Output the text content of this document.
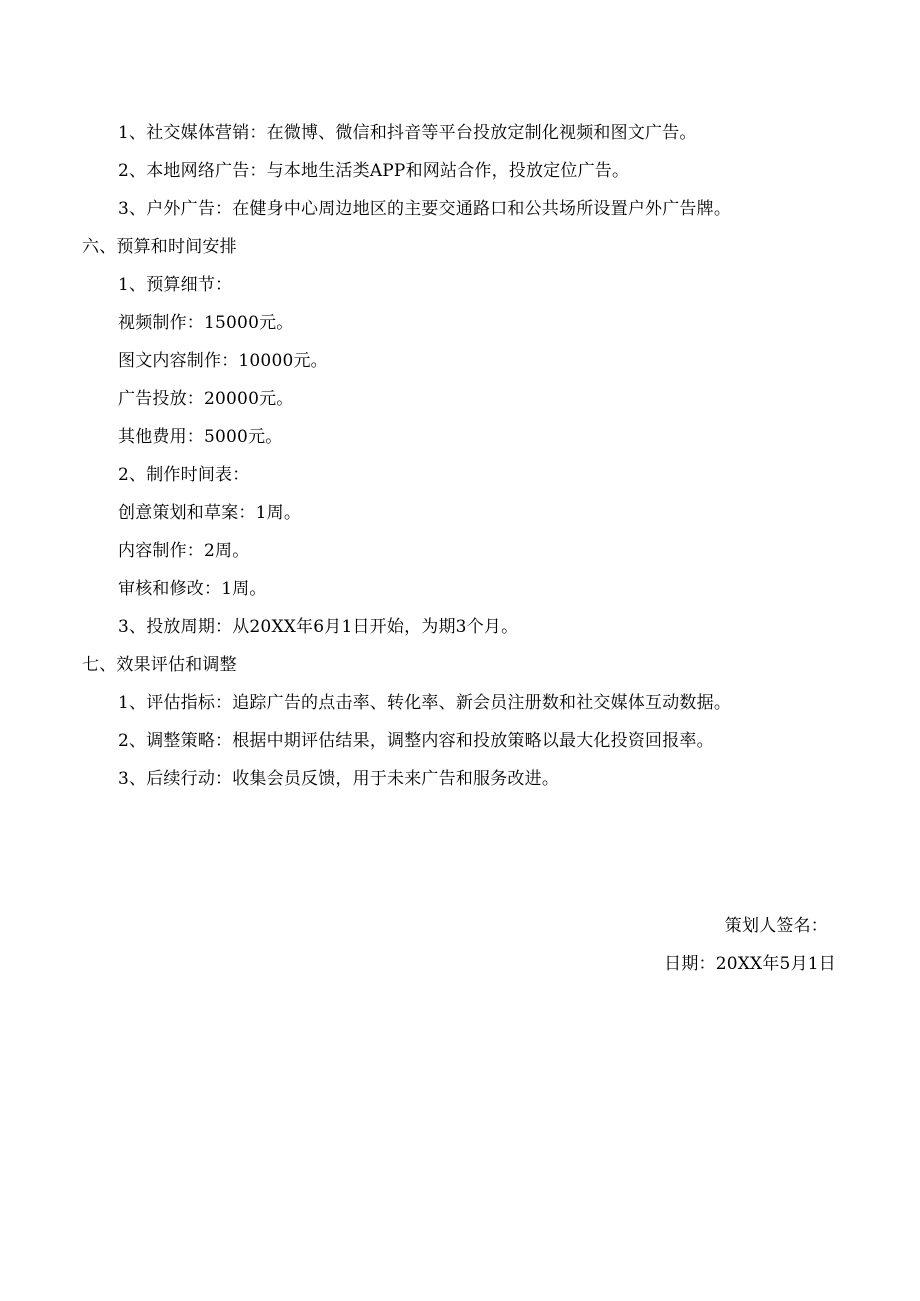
1、社交媒体营销：在微博、微信和抖音等平台投放定制化视频和图文广告。
2、本地网络广告：与本地生活类APP和网站合作，投放定位广告。
3、户外广告：在健身中心周边地区的主要交通路口和公共场所设置户外广告牌。
六、预算和时间安排
1、预算细节：
视频制作：15000元。
图文内容制作：10000元。
广告投放：20000元。
其他费用：5000元。
2、制作时间表：
创意策划和草案：1周。
内容制作：2周。
审核和修改：1周。
3、投放周期：从20XX年6月1日开始，为期3个月。
七、效果评估和调整
1、评估指标：追踪广告的点击率、转化率、新会员注册数和社交媒体互动数据。
2、调整策略：根据中期评估结果，调整内容和投放策略以最大化投资回报率。
3、后续行动：收集会员反馈，用于未来广告和服务改进。
策划人签名：
日期：20XX年5月1日
